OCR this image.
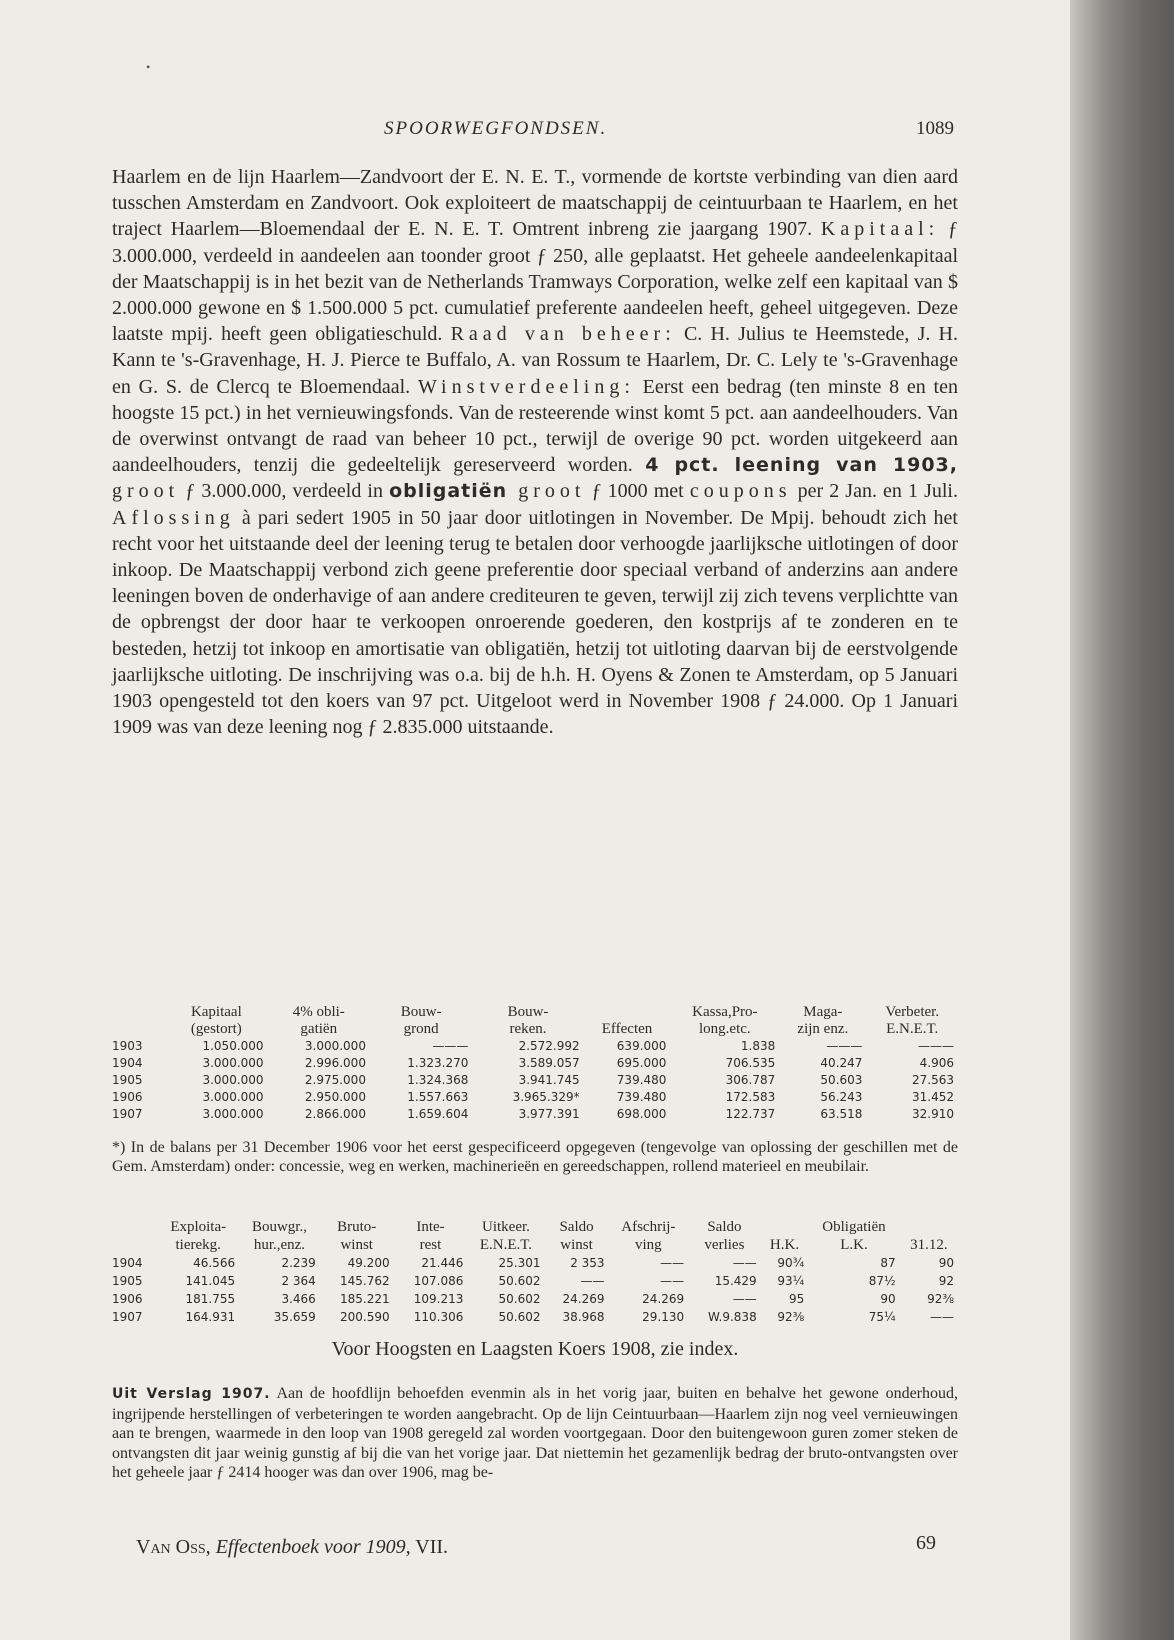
•
SPOORWEGFONDSEN.	1089

Haarlem en de lijn Haarlem—Zandvoort der E. N. E. T., vormende de kortste verbinding van dien aard tusschen Amsterdam en Zandvoort. Ook exploiteert de maatschappij de ceintuurbaan te Haarlem, en het traject Haarlem—Bloemendaal der E. N. E. T. Omtrent inbreng zie jaargang 1907. Kapitaal: ƒ 3.000.000, verdeeld in aandeelen aan toonder groot ƒ 250, alle geplaatst. Het geheele aandeelenkapitaal der Maatschappij is in het bezit van de Netherlands Tramways Corporation, welke zelf een kapitaal van $ 2.000.000 gewone en $ 1.500.000 5 pct. cumulatief preferente aandeelen heeft, geheel uitgegeven. Deze laatste mpij. heeft geen obligatieschuld. Raad van beheer: C. H. Julius te Heemstede, J. H. Kann te 's-Gravenhage, H. J. Pierce te Buffalo, A. van Rossum te Haarlem, Dr. C. Lely te 's-Gravenhage en G. S. de Clercq te Bloemendaal. Winstverdeeling: Eerst een bedrag (ten minste 8 en ten hoogste 15 pct.) in het vernieuwingsfonds. Van de resteerende winst komt 5 pct. aan aandeelhouders. Van de overwinst ontvangt de raad van beheer 10 pct., terwijl de overige 90 pct. worden uitgekeerd aan aandeelhouders, tenzij die gedeeltelijk gereserveerd worden. 4 pct. leening van 1903, groot ƒ 3.000.000, verdeeld in obligatiën groot ƒ 1000 met coupons per 2 Jan. en 1 Juli. Aflossing à pari sedert 1905 in 50 jaar door uitlotingen in November. De Mpij. behoudt zich het recht voor het uitstaande deel der leening terug te betalen door verhoogde jaarlijksche uitlotingen of door inkoop. De Maatschappij verbond zich geene preferentie door speciaal verband of anderzins aan andere leeningen boven de onderhavige of aan andere crediteuren te geven, terwijl zij zich tevens verplichtte van de opbrengst der door haar te verkoopen onroerende goederen, den kostprijs af te zonderen en te besteden, hetzij tot inkoop en amortisatie van obligatiën, hetzij tot uitloting daarvan bij de eerstvolgende jaarlijksche uitloting. De inschrijving was o.a. bij de h.h. H. Oyens & Zonen te Amsterdam, op 5 Januari 1903 opengesteld tot den koers van 97 pct. Uitgeloot werd in November 1908 ƒ 24.000. Op 1 Januari 1909 was van deze leening nog ƒ 2.835.000 uitstaande.

	Kapitaal	4% obli-	Bouw-	Bouw-		Kassa,Pro-	Maga-	Verbeter.
	(gestort)	gatiën	grond	reken.	Effecten	long.etc.	zijn enz.	E.N.E.T.
1903	1.050.000	3.000.000	———	2.572.992	639.000	1.838	———	———
1904	3.000.000	2.996.000	1.323.270	3.589.057	695.000	706.535	40.247	4.906
1905	3.000.000	2.975.000	1.324.368	3.941.745	739.480	306.787	50.603	27.563
1906	3.000.000	2.950.000	1.557.663	3.965.329*	739.480	172.583	56.243	31.452
1907	3.000.000	2.866.000	1.659.604	3.977.391	698.000	122.737	63.518	32.910
*) In de balans per 31 December 1906 voor het eerst gespecificeerd opgegeven (tengevolge van oplossing der geschillen met de Gem. Amsterdam) onder: concessie, weg en werken, machinerieën en gereedschappen, rollend materieel en meubilair.
	Exploita-	Bouwgr.,	Bruto-	Inte-	Uitkeer.	Saldo	Afschrij-	Saldo		Obligatiën	
	tierekg.	hur.,enz.	winst	rest	E.N.E.T.	winst	ving	verlies	H.K.	L.K.	31.12.
1904	46.566	2.239	49.200	21.446	25.301	2 353	——	——	90¾	87	90
1905	141.045	2 364	145.762	107.086	50.602	——	——	15.429	93¼	87½	92
1906	181.755	3.466	185.221	109.213	50.602	24.269	24.269	——	95	90	92⅜
1907	164.931	35.659	200.590	110.306	50.602	38.968	29.130	W.9.838	92⅜	75¼	——
Voor Hoogsten en Laagsten Koers 1908, zie index.
Uit Verslag 1907. Aan de hoofdlijn behoefden evenmin als in het vorig jaar, buiten en behalve het gewone onderhoud, ingrijpende herstellingen of verbeteringen te worden aangebracht. Op de lijn Ceintuurbaan—Haarlem zijn nog veel vernieuwingen aan te brengen, waarmede in den loop van 1908 geregeld zal worden voortgegaan. Door den buitengewoon guren zomer steken de ontvangsten dit jaar weinig gunstig af bij die van het vorige jaar. Dat niettemin het gezamenlijk bedrag der bruto-ontvangsten over het geheele jaar ƒ 2414 hooger was dan over 1906, mag be-
Van Oss, Effectenboek voor 1909, VII.	69
